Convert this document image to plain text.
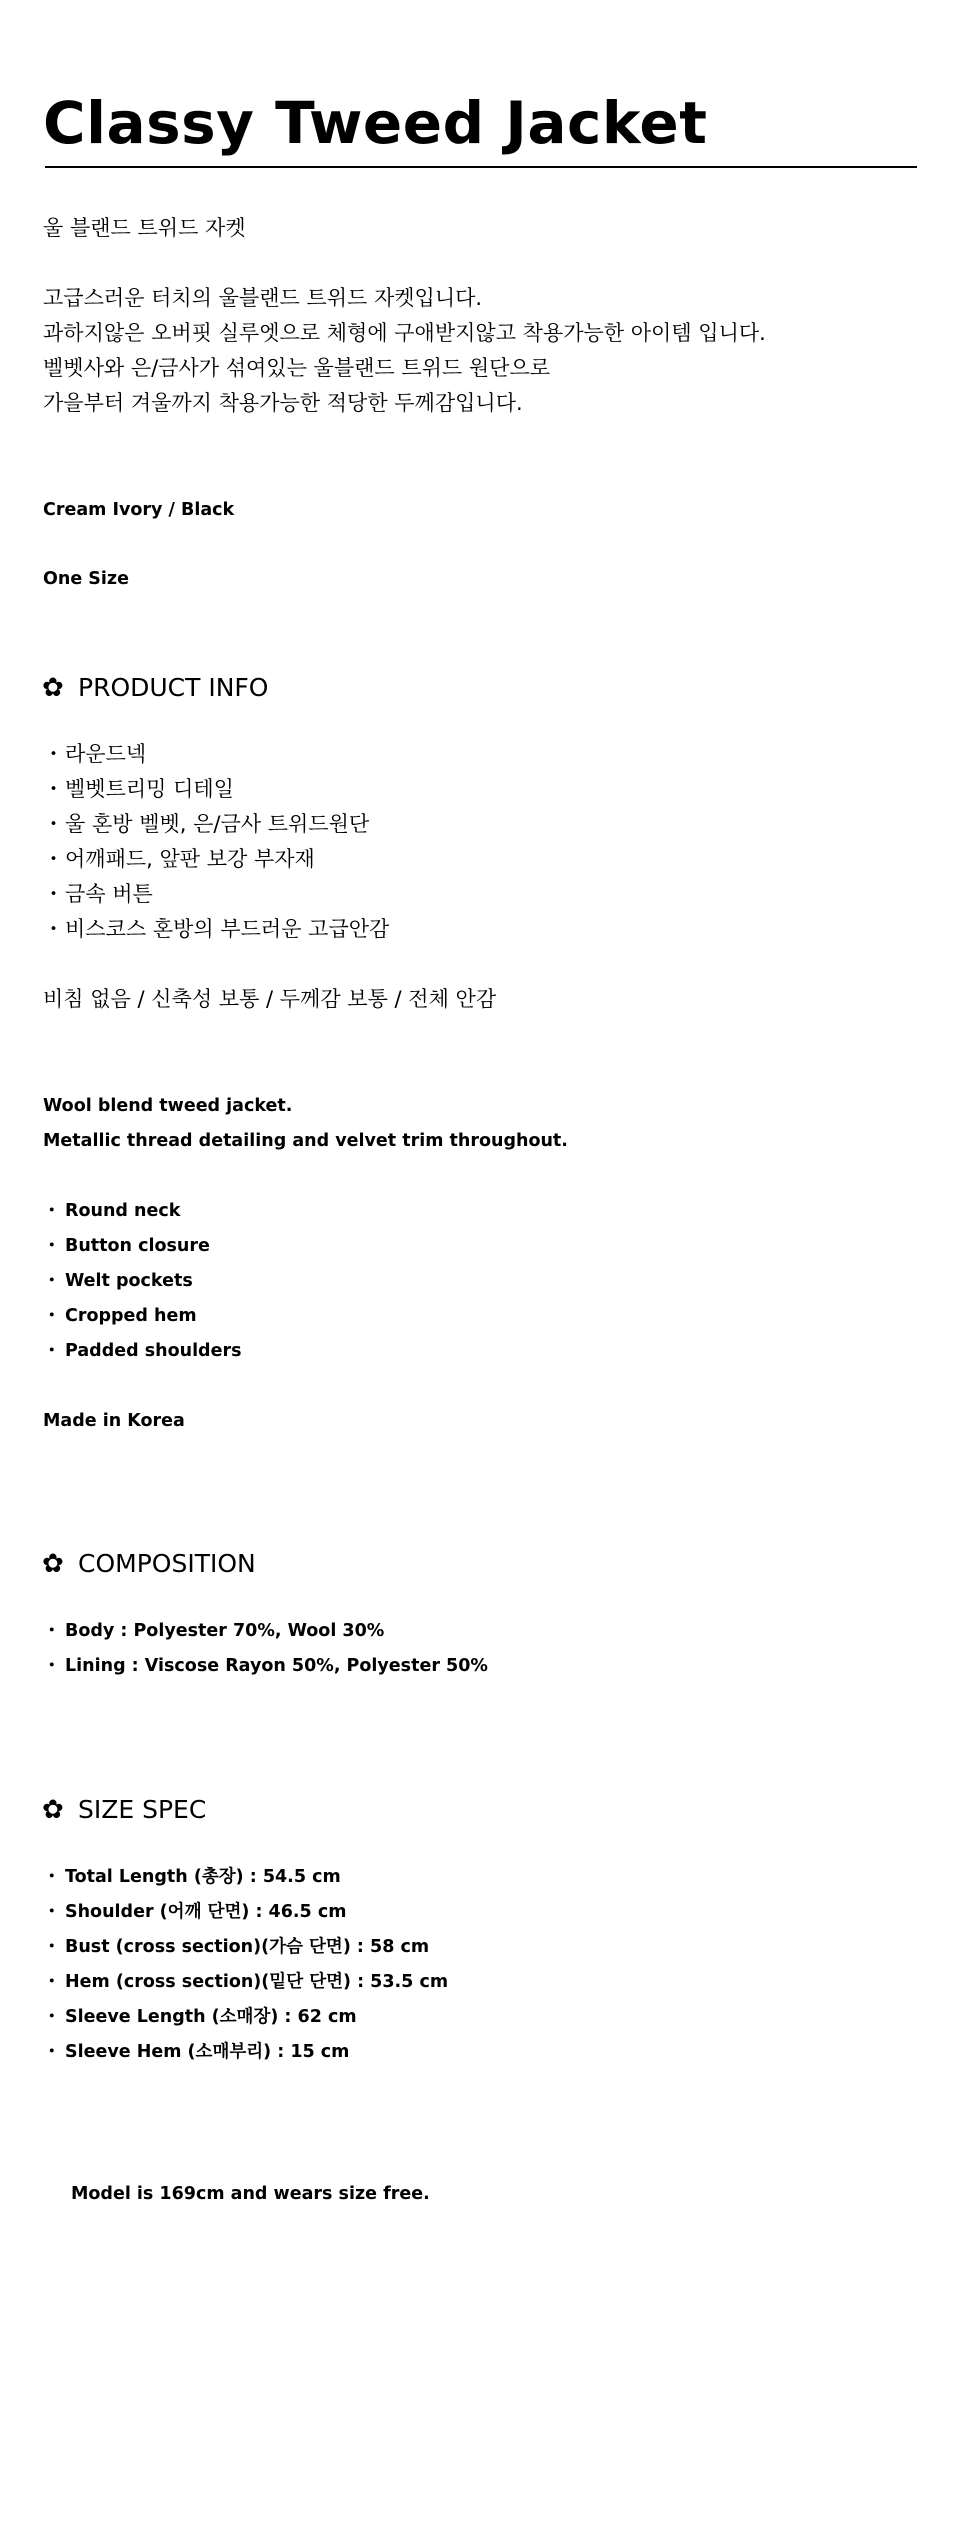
Classy Tweed Jacket

울 블랜드 트위드 자켓

고급스러운 터치의 울블랜드 트위드 자켓입니다.
과하지않은 오버핏 실루엣으로 체형에 구애받지않고 착용가능한 아이템 입니다.
벨벳사와 은/금사가 섞여있는 울블랜드 트위드 원단으로
가을부터 겨울까지 착용가능한 적당한 두께감입니다.

Cream Ivory / Black

One Size

✿ PRODUCT INFO
・라운드넥
・벨벳트리밍 디테일
・울 혼방 벨벳, 은/금사 트위드원단
・어깨패드, 앞판 보강 부자재
・금속 버튼
・비스코스 혼방의 부드러운 고급안감

비침 없음 / 신축성 보통 / 두께감 보통 / 전체 안감

Wool blend tweed jacket.
Metallic thread detailing and velvet trim throughout.
・ Round neck
・ Button closure
・ Welt pockets
・ Cropped hem
・ Padded shoulders

Made in Korea

✿ COMPOSITION
・ Body : Polyester 70%, Wool 30%
・ Lining : Viscose Rayon 50%, Polyester 50%
✿ SIZE SPEC
・ Total Length (총장) : 54.5 cm
・ Shoulder (어깨 단면) : 46.5 cm
・ Bust (cross section)(가슴 단면) : 58 cm
・ Hem (cross section)(밑단 단면) : 53.5 cm
・ Sleeve Length (소매장) : 62 cm
・ Sleeve Hem (소매부리) : 15 cm

Model is 169cm and wears size free.
